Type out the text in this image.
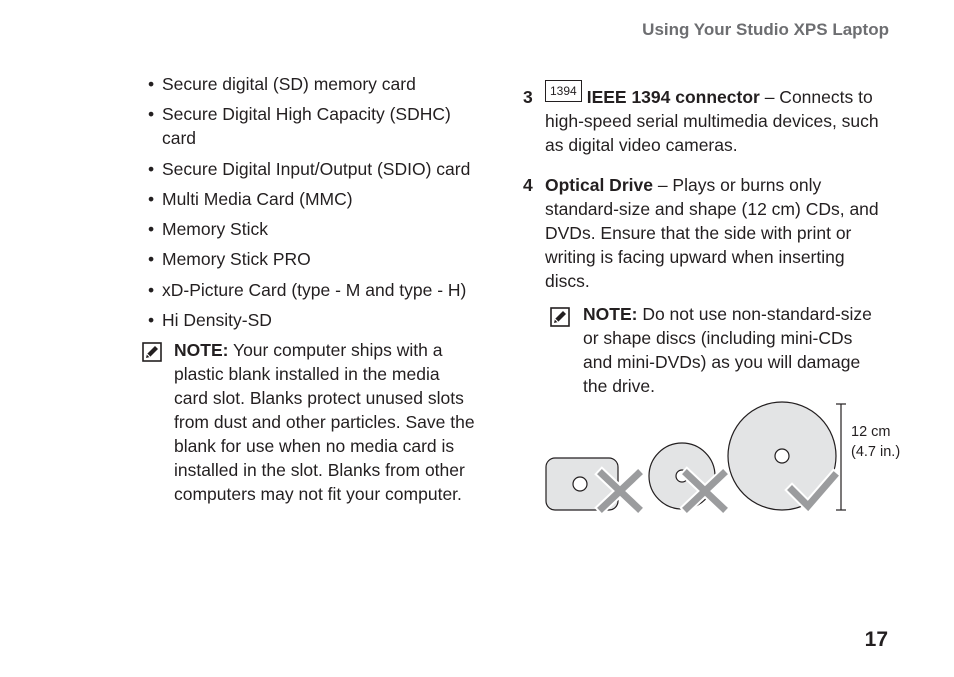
Using Your Studio XPS Laptop
• Secure digital (SD) memory card
• Secure Digital High Capacity (SDHC) card
• Secure Digital Input/Output (SDIO) card
• Multi Media Card (MMC)
• Memory Stick
• Memory Stick PRO
• xD-Picture Card (type - M and type - H)
• Hi Density-SD
NOTE: Your computer ships with a plastic blank installed in the media card slot. Blanks protect unused slots from dust and other particles. Save the blank for use when no media card is installed in the slot. Blanks from other computers may not fit your computer.
3 1394 IEEE 1394 connector – Connects to high-speed serial multimedia devices, such as digital video cameras.
4 Optical Drive – Plays or burns only standard-size and shape (12 cm) CDs, and DVDs. Ensure that the side with print or writing is facing upward when inserting discs.
NOTE: Do not use non-standard-size or shape discs (including mini-CDs and mini-DVDs) as you will damage the drive.
12 cm
(4.7 in.)
17
